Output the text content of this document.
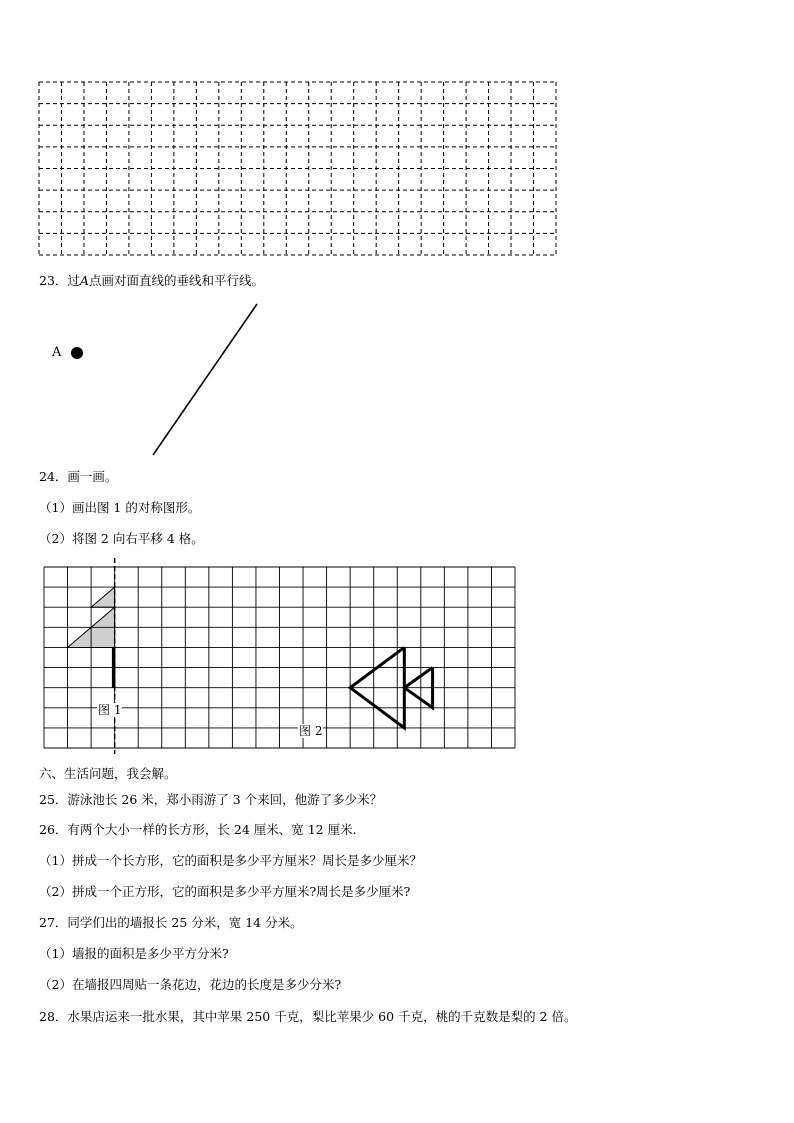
23．过A点画对面直线的垂线和平行线。
A
24．画一画。
（1）画出图 1 的对称图形。
（2）将图 2 向右平移 4 格。
图 1
图 2
六、生活问题，我会解。
25．游泳池长 26 米，郑小雨游了 3 个来回，他游了多少米？
26．有两个大小一样的长方形，长 24 厘米、宽 12 厘米.
（1）拼成一个长方形，它的面积是多少平方厘米？周长是多少厘米？
（2）拼成一个正方形，它的面积是多少平方厘米?周长是多少厘米?
27．同学们出的墙报长 25 分米，宽 14 分米。
（1）墙报的面积是多少平方分米?
（2）在墙报四周贴一条花边，花边的长度是多少分米?
28．水果店运来一批水果，其中苹果 250 千克，梨比苹果少 60 千克，桃的千克数是梨的 2 倍。
